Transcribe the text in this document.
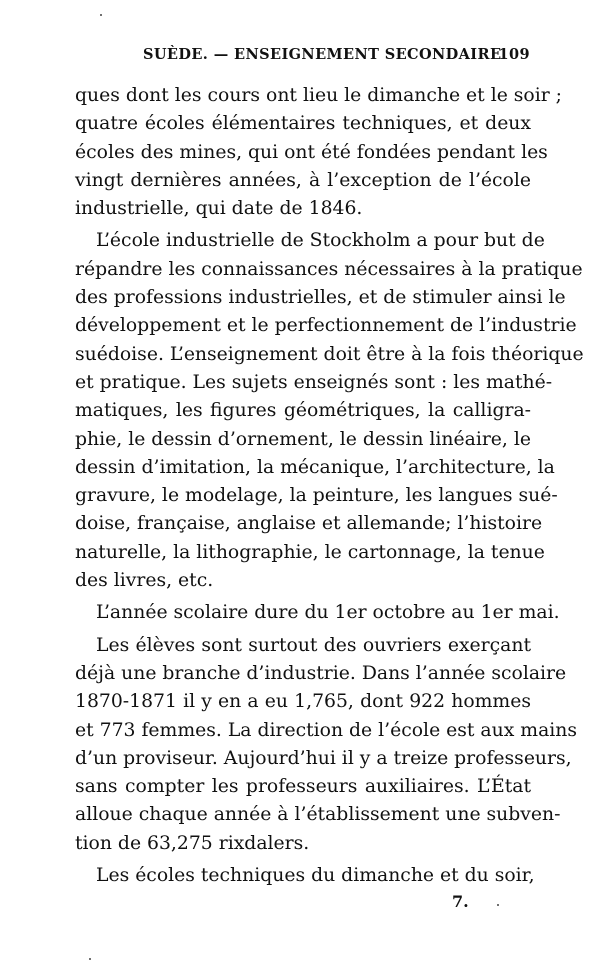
SUÈDE. — ENSEIGNEMENT SECONDAIRE.
109
ques dont les cours ont lieu le dimanche et le soir ;
quatre écoles élémentaires techniques, et deux
écoles des mines, qui ont été fondées pendant les
vingt dernières années, à l’exception de l’école
industrielle, qui date de 1846.
L’école industrielle de Stockholm a pour but de
répandre les connaissances nécessaires à la pratique
des professions industrielles, et de stimuler ainsi le
développement et le perfectionnement de l’industrie
suédoise. L’enseignement doit être à la fois théorique
et pratique. Les sujets enseignés sont : les mathé-
matiques, les figures géométriques, la calligra-
phie, le dessin d’ornement, le dessin linéaire, le
dessin d’imitation, la mécanique, l’architecture, la
gravure, le modelage, la peinture, les langues sué-
doise, française, anglaise et allemande; l’histoire
naturelle, la lithographie, le cartonnage, la tenue
des livres, etc.
L’année scolaire dure du 1er octobre au 1er mai.
Les élèves sont surtout des ouvriers exerçant
déjà une branche d’industrie. Dans l’année scolaire
1870-1871 il y en a eu 1,765, dont 922 hommes
et 773 femmes. La direction de l’école est aux mains
d’un proviseur. Aujourd’hui il y a treize professeurs,
sans compter les professeurs auxiliaires. L’État
alloue chaque année à l’établissement une subven-
tion de 63,275 rixdalers.
Les écoles techniques du dimanche et du soir,
7.
